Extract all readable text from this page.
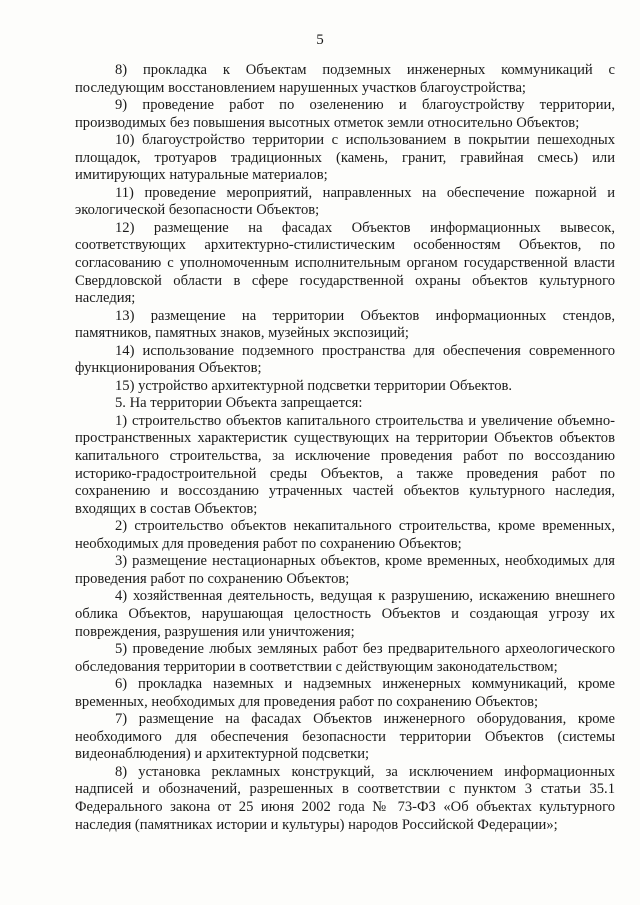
5

8) прокладка к Объектам подземных инженерных коммуникаций с последующим восстановлением нарушенных участков благоустройства;

9) проведение работ по озеленению и благоустройству территории, производимых без повышения высотных отметок земли относительно Объектов;

10) благоустройство территории с использованием в покрытии пешеходных площадок, тротуаров традиционных (камень, гранит, гравийная смесь) или имитирующих натуральные материалов;

11) проведение мероприятий, направленных на обеспечение пожарной и экологической безопасности Объектов;

12) размещение на фасадах Объектов информационных вывесок, соответствующих архитектурно-стилистическим особенностям Объектов, по согласованию с уполномоченным исполнительным органом государственной власти Свердловской области в сфере государственной охраны объектов культурного наследия;

13) размещение на территории Объектов информационных стендов, памятников, памятных знаков, музейных экспозиций;

14) использование подземного пространства для обеспечения современного функционирования Объектов;

15) устройство архитектурной подсветки территории Объектов.

5. На территории Объекта запрещается:

1) строительство объектов капитального строительства и увеличение объемно-пространственных характеристик существующих на территории Объектов объектов капитального строительства, за исключение проведения работ по воссозданию историко-градостроительной среды Объектов, а также проведения работ по сохранению и воссозданию утраченных частей объектов культурного наследия, входящих в состав Объектов;

2) строительство объектов некапитального строительства, кроме временных, необходимых для проведения работ по сохранению Объектов;

3) размещение нестационарных объектов, кроме временных, необходимых для проведения работ по сохранению Объектов;

4) хозяйственная деятельность, ведущая к разрушению, искажению внешнего облика Объектов, нарушающая целостность Объектов и создающая угрозу их повреждения, разрушения или уничтожения;

5) проведение любых земляных работ без предварительного археологического обследования территории в соответствии с действующим законодательством;

6) прокладка наземных и надземных инженерных коммуникаций, кроме временных, необходимых для проведения работ по сохранению Объектов;

7) размещение на фасадах Объектов инженерного оборудования, кроме необходимого для обеспечения безопасности территории Объектов (системы видеонаблюдения) и архитектурной подсветки;

8) установка рекламных конструкций, за исключением информационных надписей и обозначений, разрешенных в соответствии с пунктом 3 статьи 35.1 Федерального закона от 25 июня 2002 года № 73-ФЗ «Об объектах культурного наследия (памятниках истории и культуры) народов Российской Федерации»;
